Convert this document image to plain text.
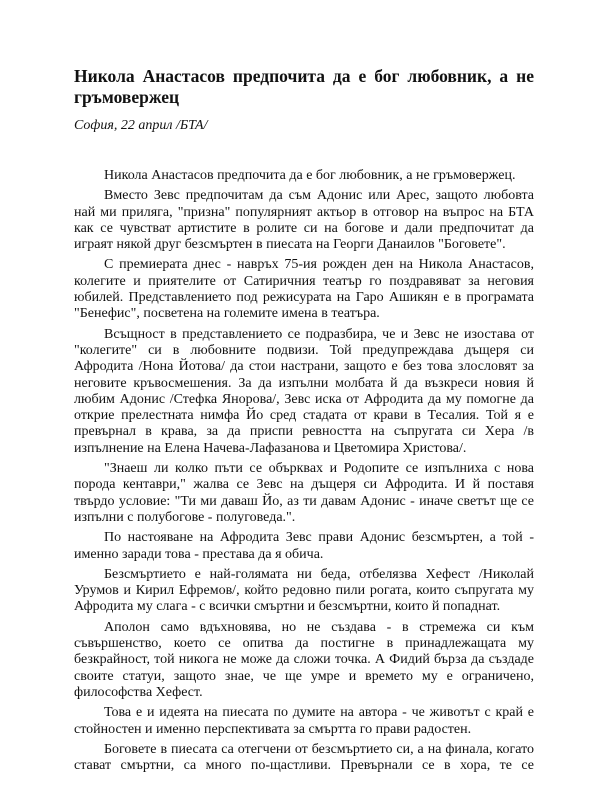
Никола Анастасов предпочита да е бог любовник, а не гръмовержец

София, 22 април /БТА/

Никола Анастасов предпочита да е бог любовник, а не гръмовержец.

Вместо Зевс предпочитам да съм Адонис или Арес, защото любовта най ми приляга, "призна" популярният актьор в отговор на въпрос на БТА как се чувстват артистите в ролите си на богове и дали предпочитат да играят някой друг безсмъртен в пиесата на Георги Данаилов "Боговете".

С премиерата днес - навръх 75-ия рожден ден на Никола Анастасов, колегите и приятелите от Сатиричния театър го поздравяват за неговия юбилей. Представлението под режисурата на Гаро Ашикян е в програмата "Бенефис", посветена на големите имена в театъра.

Всъщност в представлението се подразбира, че и Зевс не изостава от "колегите" си в любовните подвизи. Той предупреждава дъщеря си Афродита /Нона Йотова/ да стои настрани, защото е без това злословят за неговите кръвосмешения. За да изпълни молбата й да възкреси новия й любим Адонис /Стефка Янорова/, Зевс иска от Афродита да му помогне да открие прелестната нимфа Йо сред стадата от крави в Тесалия. Той я е превърнал в крава, за да приспи ревността на съпругата си Хера /в изпълнение на Елена Начева-Лафазанова и Цветомира Христова/.

"Знаеш ли колко пъти се объркваx и Родопите се изпълниха с нова порода кентаври," жалва се Зевс на дъщеря си Афродита. И й поставя твърдо условие: "Ти ми даваш Йо, аз ти давам Адонис - иначе светът ще се изпълни с полубогове - полуговеда.".

По настояване на Афродита Зевс прави Адонис безсмъртен, а той - именно заради това - престава да я обича.

Безсмъртието е най-голямата ни беда, отбелязва Хефест /Николай Урумов и Кирил Ефремов/, който редовно пили рогата, които съпругата му Афродита му слага - с всички смъртни и безсмъртни, които й попаднат.

Аполон само вдъхновява, но не създава - в стремежа си към съвършенство, което се опитва да постигне в принадлежащата му безкрайност, той никога не може да сложи точка. А Фидий бърза да създаде своите статуи, защото знае, че ще умре и времето му е ограничено, философства Хефест.

Това е и идеята на пиесата по думите на автора - че животът с край е стойностен и именно перспективата за смъртта го прави радостен.

Боговете в пиесата са отегчени от безсмъртието си, а на финала, когато стават смъртни, са много по-щастливи. Превърнали се в хора, те се
